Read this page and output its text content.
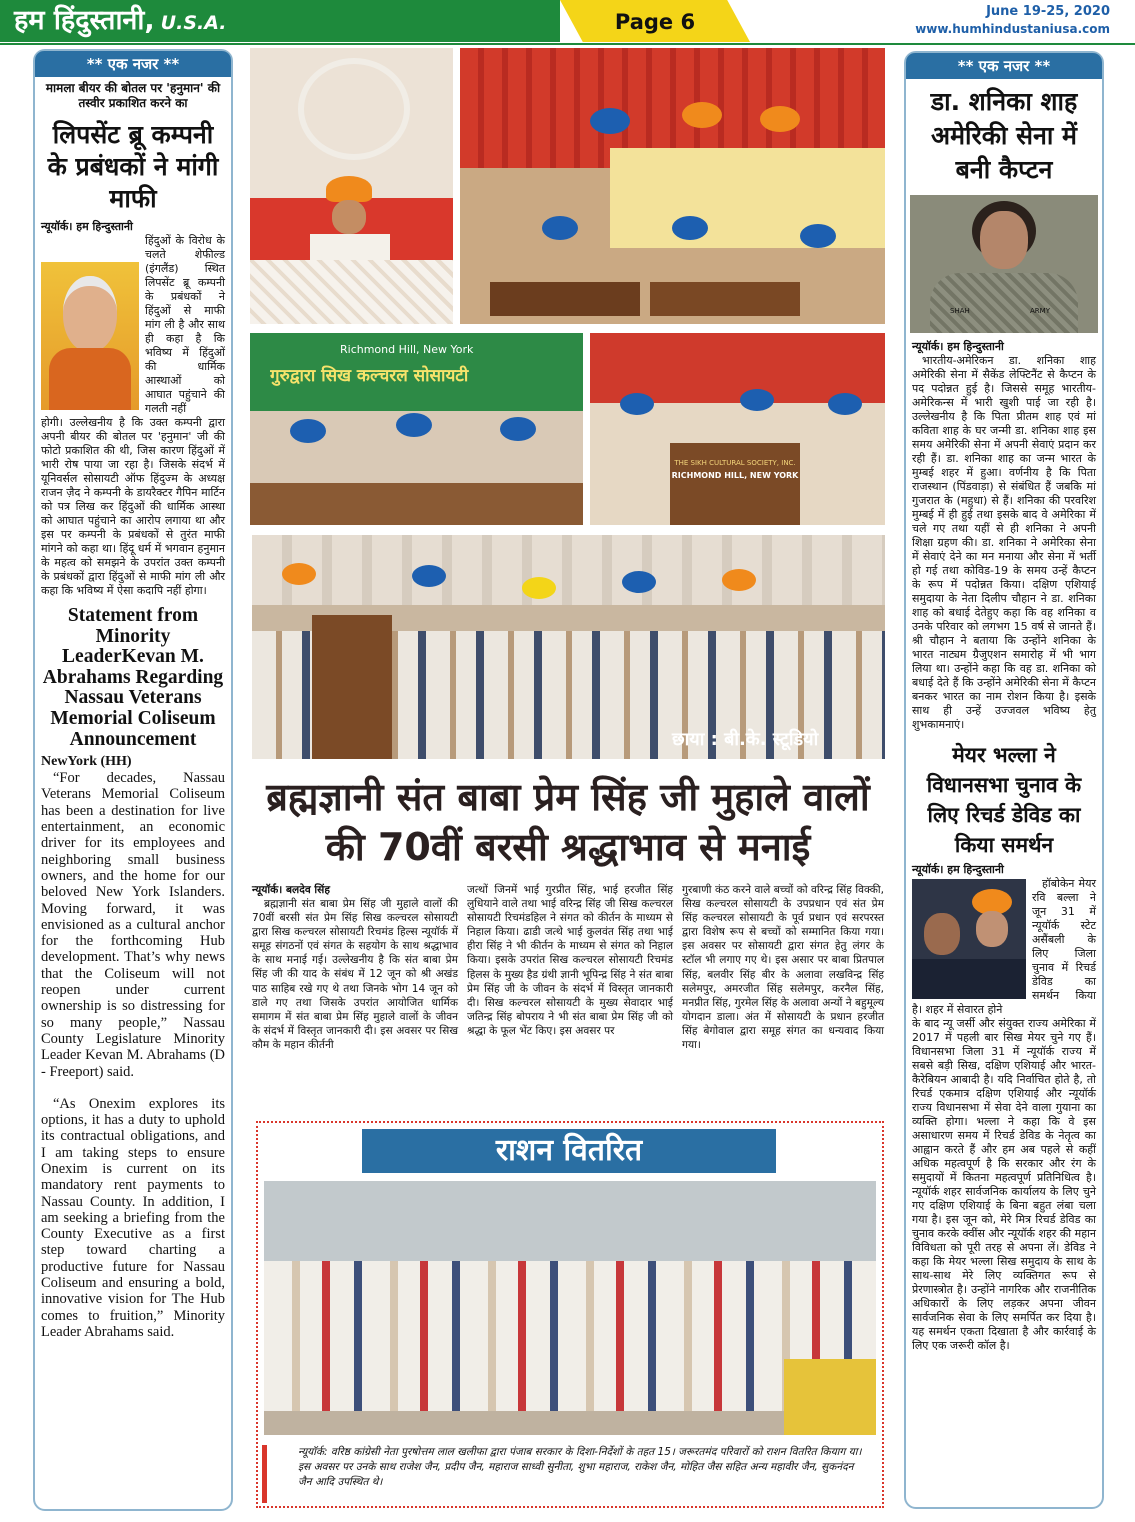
हम हिंदुस्तानी, U.S.A.	Page 6	June 19-25, 2020
www.humhindustaniusa.com
** एक नजर **
मामला बीयर की बोतल पर 'हनुमान' की तस्वीर प्रकाशित करने का
लिपसेंट ब्रू कम्पनी के प्रबंधकों ने मांगी माफी
न्यूयॉर्क। हम हिन्दुस्तानी
हिंदुओं के विरोध के चलते शेफील्ड (इंगलैंड) स्थित लिपसेंट ब्रू कम्पनी के प्रबंधकों ने हिंदुओं से माफी मांग ली है और साथ ही कहा है कि भविष्य में हिंदुओं की धार्मिक आस्थाओं को आघात पहुंचाने की गलती नहीं
होगी। उल्लेखनीय है कि उक्त कम्पनी द्वारा अपनी बीयर की बोतल पर 'हनुमान' जी की फोटो प्रकाशित की थी, जिस कारण हिंदुओं में भारी रोष पाया जा रहा है। जिसके संदर्भ में यूनिवर्सल सोसायटी ऑफ हिंदुज्म के अध्यक्ष राजन ज़ैद ने कम्पनी के डायरैक्टर गैपिन मार्टिन को पत्र लिख कर हिंदुओं की धार्मिक आस्था को आघात पहुंचाने का आरोप लगाया था और इस पर कम्पनी के प्रबंधकों से तुरंत माफी मांगने को कहा था। हिंदू धर्म में भगवान हनुमान के महत्व को समझने के उपरांत उक्त कम्पनी के प्रबंधकों द्वारा हिंदुओं से माफी मांग ली और कहा कि भविष्य में ऐसा कदापि नहीं होगा।
Statement from Minority LeaderKevan M. Abrahams Regarding Nassau Veterans Memorial Coliseum Announcement
NewYork (HH)
“For decades, Nassau Veterans Memorial Coliseum has been a destination for live entertainment, an economic driver for its employees and neighboring small business owners, and the home for our beloved New York Islanders. Moving forward, it was envisioned as a cultural anchor for the forthcoming Hub development. That’s why news that the Coliseum will not reopen under current ownership is so distressing for so many people,” Nassau County Legislature Minority Leader Kevan M. Abrahams (D - Freeport) said.
“As Onexim explores its options, it has a duty to uphold its contractual obligations, and I am taking steps to ensure Onexim is current on its mandatory rent payments to Nassau County. In addition, I am seeking a briefing from the County Executive as a first step toward charting a productive future for Nassau Coliseum and ensuring a bold, innovative vision for The Hub comes to fruition,” Minority Leader Abrahams said.
गुरुद्वारा सिख कल्चरल सोसायटी
Richmond Hill, New York
THE SIKH CULTURAL SOCIETY, INC.
RICHMOND HILL, NEW YORK
छाया : बी.के. स्टूडियो
ब्रह्मज्ञानी संत बाबा प्रेम सिंह जी मुहाले वालों की 70वीं बरसी श्रद्धाभाव से मनाई
न्यूयॉर्क। बलदेव सिंह
ब्रह्मज्ञानी संत बाबा प्रेम सिंह जी मुहाले वालों की 70वीं बरसी संत प्रेम सिंह सिख कल्चरल सोसायटी द्वारा सिख कल्चरल सोसायटी रिचमंड हिल्स न्यूयॉर्क में समूह संगठनों एवं संगत के सहयोग के साथ श्रद्धाभाव के साथ मनाई गई। उल्लेखनीय है कि संत बाबा प्रेम सिंह जी की याद के संबंध में 12 जून को श्री अखंड पाठ साहिब रखे गए थे तथा जिनके भोग 14 जून को डाले गए तथा जिसके उपरांत आयोजित धार्मिक समागम में संत बाबा प्रेम सिंह मुहाले वालों के जीवन के संदर्भ में विस्तृत जानकारी दी। इस अवसर पर सिख कौम के महान कीर्तनी
जत्थों जिनमें भाई गुरप्रीत सिंह, भाई हरजीत सिंह लुधियाने वाले तथा भाई वरिन्द्र सिंह जी सिख कल्चरल सोसायटी रिचमंडहिल ने संगत को कीर्तन के माध्यम से निहाल किया। ढाडी जत्थे भाई कुलवंत सिंह तथा भाई हीरा सिंह ने भी कीर्तन के माध्यम से संगत को निहाल किया। इसके उपरांत सिख कल्चरल सोसायटी रिचमंड हिलस के मुख्य हैड ग्रंथी ज्ञानी भूपिन्द्र सिंह ने संत बाबा प्रेम सिंह जी के जीवन के संदर्भ में विस्तृत जानकारी दी। सिख कल्चरल सोसायटी के मुख्य सेवादार भाई जतिन्द्र सिंह बोपराय ने भी संत बाबा प्रेम सिंह जी को श्रद्धा के फूल भेंट किए। इस अवसर पर
गुरबाणी कंठ करने वाले बच्चों को वरिन्द्र सिंह विक्की, सिख कल्चरल सोसायटी के उपप्रधान एवं संत प्रेम सिंह कल्चरल सोसायटी के पूर्व प्रधान एवं सरपरस्त द्वारा विशेष रूप से बच्चों को सम्मानित किया गया। इस अवसर पर सोसायटी द्वारा संगत हेतु लंगर के स्टॉल भी लगाए गए थे। इस असार पर बाबा प्रितपाल सिंह, बलवीर सिंह बीर के अलावा लखविन्द्र सिंह सलेमपुर, अमरजीत सिंह सलेमपुर, करनैल सिंह, मनप्रीत सिंह, गुरमेल सिंह के अलावा अन्यों ने बहुमूल्य योगदान डाला। अंत में सोसायटी के प्रधान हरजीत सिंह बेगोवाल द्वारा समूह संगत का धन्यवाद किया गया।
राशन वितरित
न्यूयॉर्क: वरिष्ठ कांग्रेसी नेता पुरषोत्तम लाल खलीफा द्वारा पंजाब सरकार के दिशा-निर्देशों के तहत 15। जरूरतमंद परिवारों को राशन वितरित कियाग या। इस अवसर पर उनके साथ राजेश जैन, प्रदीप जैन, महाराज साध्वी सुनीता, शुभा महाराज, राकेश जैन, मोहित जैस सहित अन्य महावीर जैन, सुकनंदन जैन आदि उपस्थित थे।
** एक नजर **
डा. शनिका शाह अमेरिकी सेना में बनी कैप्टन
SHAH	ARMY
न्यूयॉर्क। हम हिन्दुस्तानी
भारतीय-अमेरिकन डा. शनिका शाह अमेरिकी सेना में सैकेंड लेफ्टिनैंट से कैप्टन के पद पदोन्नत हुई है। जिससे समूह भारतीय-अमेरिकन्स में भारी खुशी पाई जा रही है। उल्लेखनीय है कि पिता प्रीतम शाह एवं मां कविता शाह के घर जन्मी डा. शनिका शाह इस समय अमेरिकी सेना में अपनी सेवाएं प्रदान कर रही हैं। डा. शनिका शाह का जन्म भारत के मुम्बई शहर में हुआ। वर्णनीय है कि पिता राजस्थान (पिंडवाड़ा) से संबंधित हैं जबकि मां गुजरात के (महुधा) से हैं। शनिका की परवरिश मुम्बई में ही हुई तथा इसके बाद वे अमेरिका में चले गए तथा यहीं से ही शनिका ने अपनी शिक्षा ग्रहण की। डा. शनिका ने अमेरिका सेना में सेवाएं देने का मन मनाया और सेना में भर्ती हो गई तथा कोविड-19 के समय उन्हें कैप्टन के रूप में पदोन्नत किया। दक्षिण एशियाई समुदाया के नेता दिलीप चौहान ने डा. शनिका शाह को बधाई देतेहुए कहा कि वह शनिका व उनके परिवार को लगभग 15 वर्ष से जानते हैं। श्री चौहान ने बताया कि उन्होंने शनिका के भारत नाट्यम ग्रैजुएशन समारोह में भी भाग लिया था। उन्होंने कहा कि वह डा. शनिका को बधाई देते हैं कि उन्होंने अमेरिकी सेना में कैप्टन बनकर भारत का नाम रोशन किया है। इसके साथ ही उन्हें उज्जवल भविष्य हेतु शुभकामनाएं।
मेयर भल्ला ने विधानसभा चुनाव के लिए रिचर्ड डेविड का किया समर्थन
न्यूयॉर्क। हम हिन्दुस्तानी
हॉबोकेन मेयर रवि बल्ला ने जून 31 में न्यूयॉर्क स्टेट असैंबली के लिए जिला चुनाव में रिचर्ड डेविड का समर्थन किया है। शहर में सेवारत होने
के बाद न्यू जर्सी और संयुक्त राज्य अमेरिका में 2017 में पहली बार सिख मेयर चुने गए हैं। विधानसभा जिला 31 में न्यूयॉर्क राज्य में सबसे बड़ी सिख, दक्षिण एशियाई और भारत-कैरेबियन आबादी है। यदि निर्वाचित होते है, तो रिचर्ड एकमात्र दक्षिण एशियाई और न्यूयॉर्क राज्य विधानसभा में सेवा देने वाला गुयाना का व्यक्ति होगा। भल्ला ने कहा कि वे इस असाधारण समय में रिचर्ड डेविड के नेतृत्व का आह्वान करते हैं और हम अब पहले से कहीं अधिक महत्वपूर्ण है कि सरकार और रंग के समुदायों में कितना महत्वपूर्ण प्रतिनिधित्व है। न्यूयॉर्क शहर सार्वजनिक कार्यालय के लिए चुने गए दक्षिण एशियाई के बिना बहुत लंबा चला गया है। इस जून को, मेरे मित्र रिचर्ड डेविड का चुनाव करके क्वींस और न्यूयॉर्क शहर की महान विविधता को पूरी तरह से अपना लें। डेविड ने कहा कि मेयर भल्ला सिख समुदाय के साथ के साथ-साथ मेरे लिए व्यक्तिगत रूप से प्रेरणास्त्रोत है। उन्होंने नागरिक और राजनीतिक अधिकारों के लिए लड़कर अपना जीवन सार्वजनिक सेवा के लिए समर्पित कर दिया है। यह समर्थन एकता दिखाता है और कार्रवाई के लिए एक जरूरी कॉल है।
